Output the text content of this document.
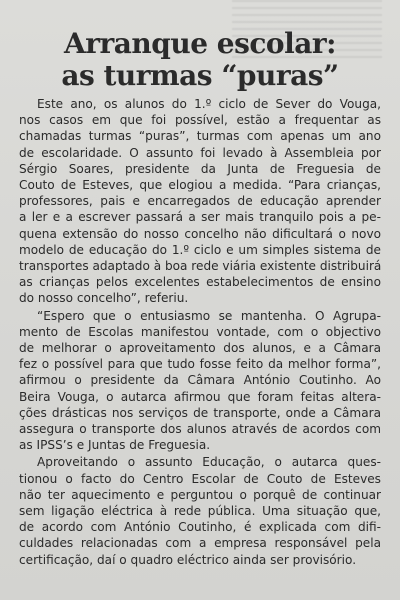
Arranque escolar:
as turmas “puras”

Este ano, os alunos do 1.º ciclo de Sever do Vouga,
nos casos em que foi possível, estão a frequentar as
chamadas turmas “puras”, turmas com apenas um ano
de escolaridade. O assunto foi levado à Assembleia por
Sérgio Soares, presidente da Junta de Freguesia de
Couto de Esteves, que elogiou a medida. “Para crianças,
professores, pais e encarregados de educação aprender
a ler e a escrever passará a ser mais tranquilo pois a pe-
quena extensão do nosso concelho não dificultará o novo
modelo de educação do 1.º ciclo e um simples sistema de
transportes adaptado à boa rede viária existente distribuirá
as crianças pelos excelentes estabelecimentos de ensino
do nosso concelho”, referiu.

“Espero que o entusiasmo se mantenha. O Agrupa-
mento de Escolas manifestou vontade, com o objectivo
de melhorar o aproveitamento dos alunos, e a Câmara
fez o possível para que tudo fosse feito da melhor forma”,
afirmou o presidente da Câmara António Coutinho. Ao
Beira Vouga, o autarca afirmou que foram feitas altera-
ções drásticas nos serviços de transporte, onde a Câmara
assegura o transporte dos alunos através de acordos com
as IPSS’s e Juntas de Freguesia.

Aproveitando o assunto Educação, o autarca ques-
tionou o facto do Centro Escolar de Couto de Esteves
não ter aquecimento e perguntou o porquê de continuar
sem ligação eléctrica à rede pública. Uma situação que,
de acordo com António Coutinho, é explicada com difi-
culdades relacionadas com a empresa responsável pela
certificação, daí o quadro eléctrico ainda ser provisório.
